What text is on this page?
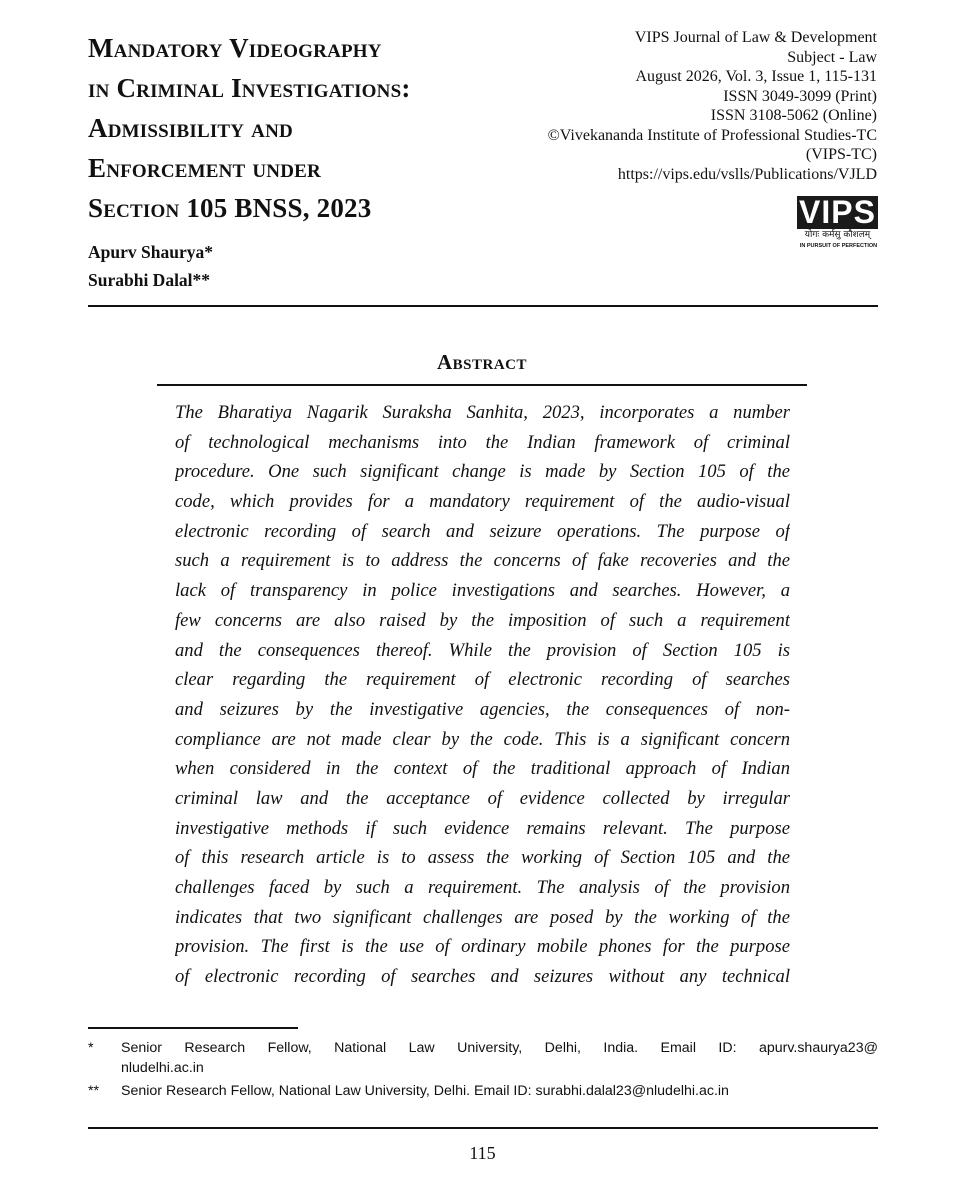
Mandatory Videography
in Criminal Investigations:
Admissibility and
Enforcement under
Section 105 BNSS, 2023
VIPS Journal of Law & Development
Subject - Law
August 2026, Vol. 3, Issue 1, 115-131
ISSN 3049-3099 (Print)
ISSN 3108-5062 (Online)
©Vivekananda Institute of Professional Studies-TC
(VIPS-TC)
https://vips.edu/vslls/Publications/VJLD
VIPS
योगः कर्मसु कौशलम्
IN PURSUIT OF PERFECTION
Apurv Shaurya*
Surabhi Dalal**
Abstract
The Bharatiya Nagarik Suraksha Sanhita, 2023, incorporates a number
of technological mechanisms into the Indian framework of criminal
procedure. One such significant change is made by Section 105 of the
code, which provides for a mandatory requirement of the audio-visual
electronic recording of search and seizure operations. The purpose of
such a requirement is to address the concerns of fake recoveries and the
lack of transparency in police investigations and searches. However, a
few concerns are also raised by the imposition of such a requirement
and the consequences thereof. While the provision of Section 105 is
clear regarding the requirement of electronic recording of searches
and seizures by the investigative agencies, the consequences of non-
compliance are not made clear by the code. This is a significant concern
when considered in the context of the traditional approach of Indian
criminal law and the acceptance of evidence collected by irregular
investigative methods if such evidence remains relevant. The purpose
of this research article is to assess the working of Section 105 and the
challenges faced by such a requirement. The analysis of the provision
indicates that two significant challenges are posed by the working of the
provision. The first is the use of ordinary mobile phones for the purpose
of electronic recording of searches and seizures without any technical
* Senior Research Fellow, National Law University, Delhi, India. Email ID: apurv.shaurya23@
nludelhi.ac.in
** Senior Research Fellow, National Law University, Delhi. Email ID: surabhi.dalal23@nludelhi.ac.in
115
